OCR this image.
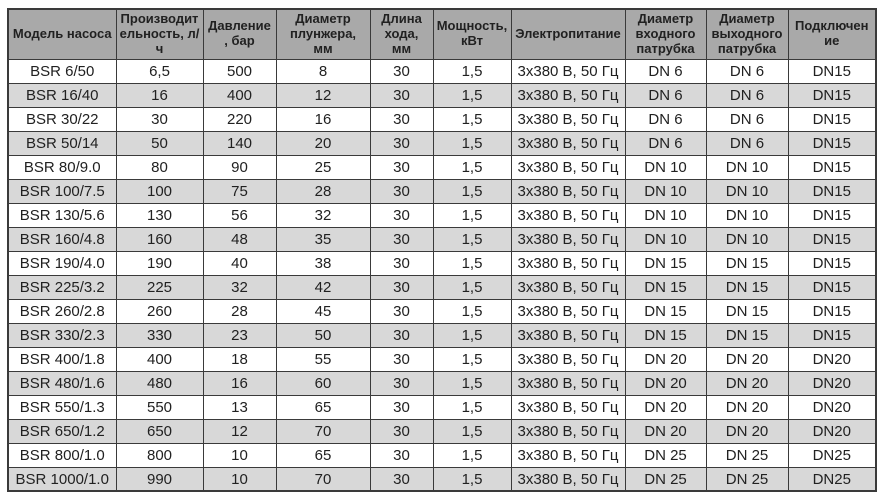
Модель насоса	Производительность, л/ч	Давление, бар	Диаметр плунжера, мм	Длина хода, мм	Мощность, кВт	Электропитание	Диаметр входного патрубка	Диаметр выходного патрубка	Подключение
BSR 6/50	6,5	500	8	30	1,5	3х380 В, 50 Гц	DN 6	DN 6	DN15
BSR 16/40	16	400	12	30	1,5	3х380 В, 50 Гц	DN 6	DN 6	DN15
BSR 30/22	30	220	16	30	1,5	3х380 В, 50 Гц	DN 6	DN 6	DN15
BSR 50/14	50	140	20	30	1,5	3х380 В, 50 Гц	DN 6	DN 6	DN15
BSR 80/9.0	80	90	25	30	1,5	3х380 В, 50 Гц	DN 10	DN 10	DN15
BSR 100/7.5	100	75	28	30	1,5	3х380 В, 50 Гц	DN 10	DN 10	DN15
BSR 130/5.6	130	56	32	30	1,5	3х380 В, 50 Гц	DN 10	DN 10	DN15
BSR 160/4.8	160	48	35	30	1,5	3х380 В, 50 Гц	DN 10	DN 10	DN15
BSR 190/4.0	190	40	38	30	1,5	3х380 В, 50 Гц	DN 15	DN 15	DN15
BSR 225/3.2	225	32	42	30	1,5	3х380 В, 50 Гц	DN 15	DN 15	DN15
BSR 260/2.8	260	28	45	30	1,5	3х380 В, 50 Гц	DN 15	DN 15	DN15
BSR 330/2.3	330	23	50	30	1,5	3х380 В, 50 Гц	DN 15	DN 15	DN15
BSR 400/1.8	400	18	55	30	1,5	3х380 В, 50 Гц	DN 20	DN 20	DN20
BSR 480/1.6	480	16	60	30	1,5	3х380 В, 50 Гц	DN 20	DN 20	DN20
BSR 550/1.3	550	13	65	30	1,5	3х380 В, 50 Гц	DN 20	DN 20	DN20
BSR 650/1.2	650	12	70	30	1,5	3х380 В, 50 Гц	DN 20	DN 20	DN20
BSR 800/1.0	800	10	65	30	1,5	3х380 В, 50 Гц	DN 25	DN 25	DN25
BSR 1000/1.0	990	10	70	30	1,5	3х380 В, 50 Гц	DN 25	DN 25	DN25
